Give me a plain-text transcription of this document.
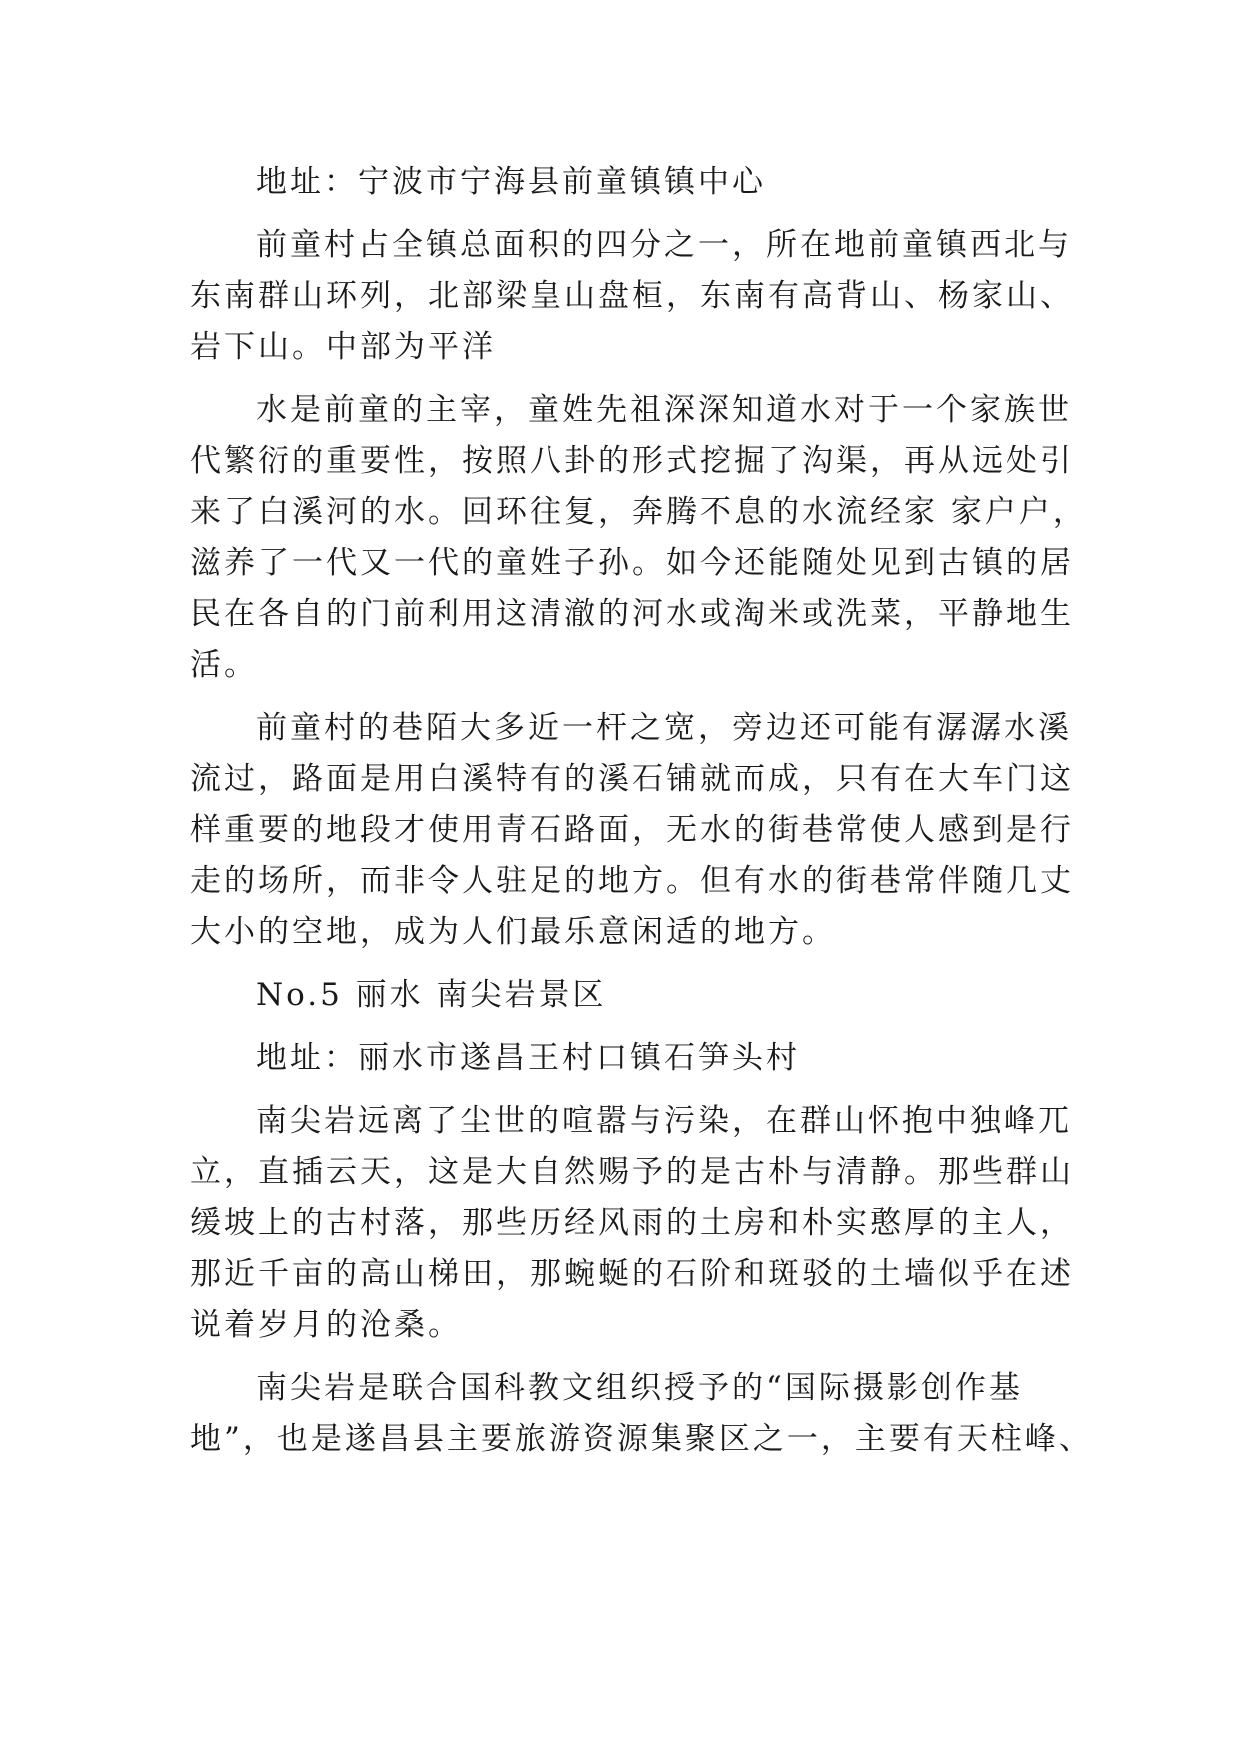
地址：宁波市宁海县前童镇镇中心
前童村占全镇总面积的四分之一，所在地前童镇西北与
东南群山环列，北部梁皇山盘桓，东南有高背山、杨家山、
岩下山。中部为平洋
水是前童的主宰，童姓先祖深深知道水对于一个家族世
代繁衍的重要性，按照八卦的形式挖掘了沟渠，再从远处引
来了白溪河的水。回环往复，奔腾不息的水流经家 家户户，
滋养了一代又一代的童姓子孙。如今还能随处见到古镇的居
民在各自的门前利用这清澈的河水或淘米或洗菜，平静地生
活。
前童村的巷陌大多近一杆之宽，旁边还可能有潺潺水溪
流过，路面是用白溪特有的溪石铺就而成，只有在大车门这
样重要的地段才使用青石路面，无水的街巷常使人感到是行
走的场所，而非令人驻足的地方。但有水的街巷常伴随几丈
大小的空地，成为人们最乐意闲适的地方。
No.5 丽水 南尖岩景区
地址：丽水市遂昌王村口镇石笋头村
南尖岩远离了尘世的喧嚣与污染，在群山怀抱中独峰兀
立，直插云天，这是大自然赐予的是古朴与清静。那些群山
缓坡上的古村落，那些历经风雨的土房和朴实憨厚的主人，
那近千亩的高山梯田，那蜿蜒的石阶和斑驳的土墙似乎在述
说着岁月的沧桑。
南尖岩是联合国科教文组织授予的“国际摄影创作基
地”，也是遂昌县主要旅游资源集聚区之一，主要有天柱峰、
